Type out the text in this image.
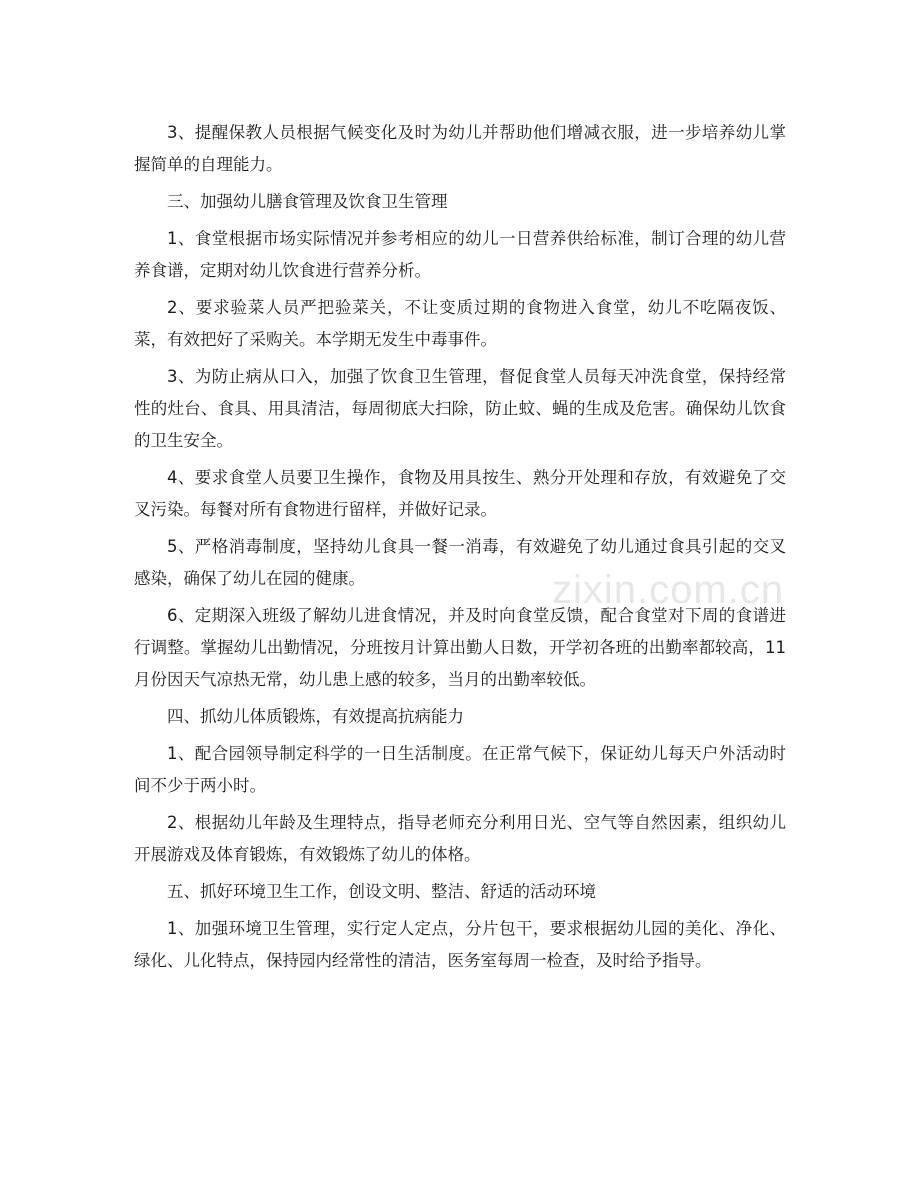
3、提醒保教人员根据气候变化及时为幼儿并帮助他们增减衣服，进一步培养幼儿掌握简单的自理能力。

三、加强幼儿膳食管理及饮食卫生管理

1、食堂根据市场实际情况并参考相应的幼儿一日营养供给标准，制订合理的幼儿营养食谱，定期对幼儿饮食进行营养分析。

2、要求验菜人员严把验菜关，不让变质过期的食物进入食堂，幼儿不吃隔夜饭、菜，有效把好了采购关。本学期无发生中毒事件。

3、为防止病从口入，加强了饮食卫生管理，督促食堂人员每天冲洗食堂，保持经常性的灶台、食具、用具清洁，每周彻底大扫除，防止蚊、蝇的生成及危害。确保幼儿饮食的卫生安全。

4、要求食堂人员要卫生操作，食物及用具按生、熟分开处理和存放，有效避免了交叉污染。每餐对所有食物进行留样，并做好记录。

5、严格消毒制度，坚持幼儿食具一餐一消毒，有效避免了幼儿通过食具引起的交叉感染，确保了幼儿在园的健康。

6、定期深入班级了解幼儿进食情况，并及时向食堂反馈，配合食堂对下周的食谱进行调整。掌握幼儿出勤情况，分班按月计算出勤人日数，开学初各班的出勤率都较高，11月份因天气凉热无常，幼儿患上感的较多，当月的出勤率较低。

四、抓幼儿体质锻炼，有效提高抗病能力

1、配合园领导制定科学的一日生活制度。在正常气候下，保证幼儿每天户外活动时间不少于两小时。

2、根据幼儿年龄及生理特点，指导老师充分利用日光、空气等自然因素，组织幼儿开展游戏及体育锻炼，有效锻炼了幼儿的体格。

五、抓好环境卫生工作，创设文明、整洁、舒适的活动环境

1、加强环境卫生管理，实行定人定点，分片包干，要求根据幼儿园的美化、净化、绿化、儿化特点，保持园内经常性的清洁，医务室每周一检查，及时给予指导。

zixin.com.cn
